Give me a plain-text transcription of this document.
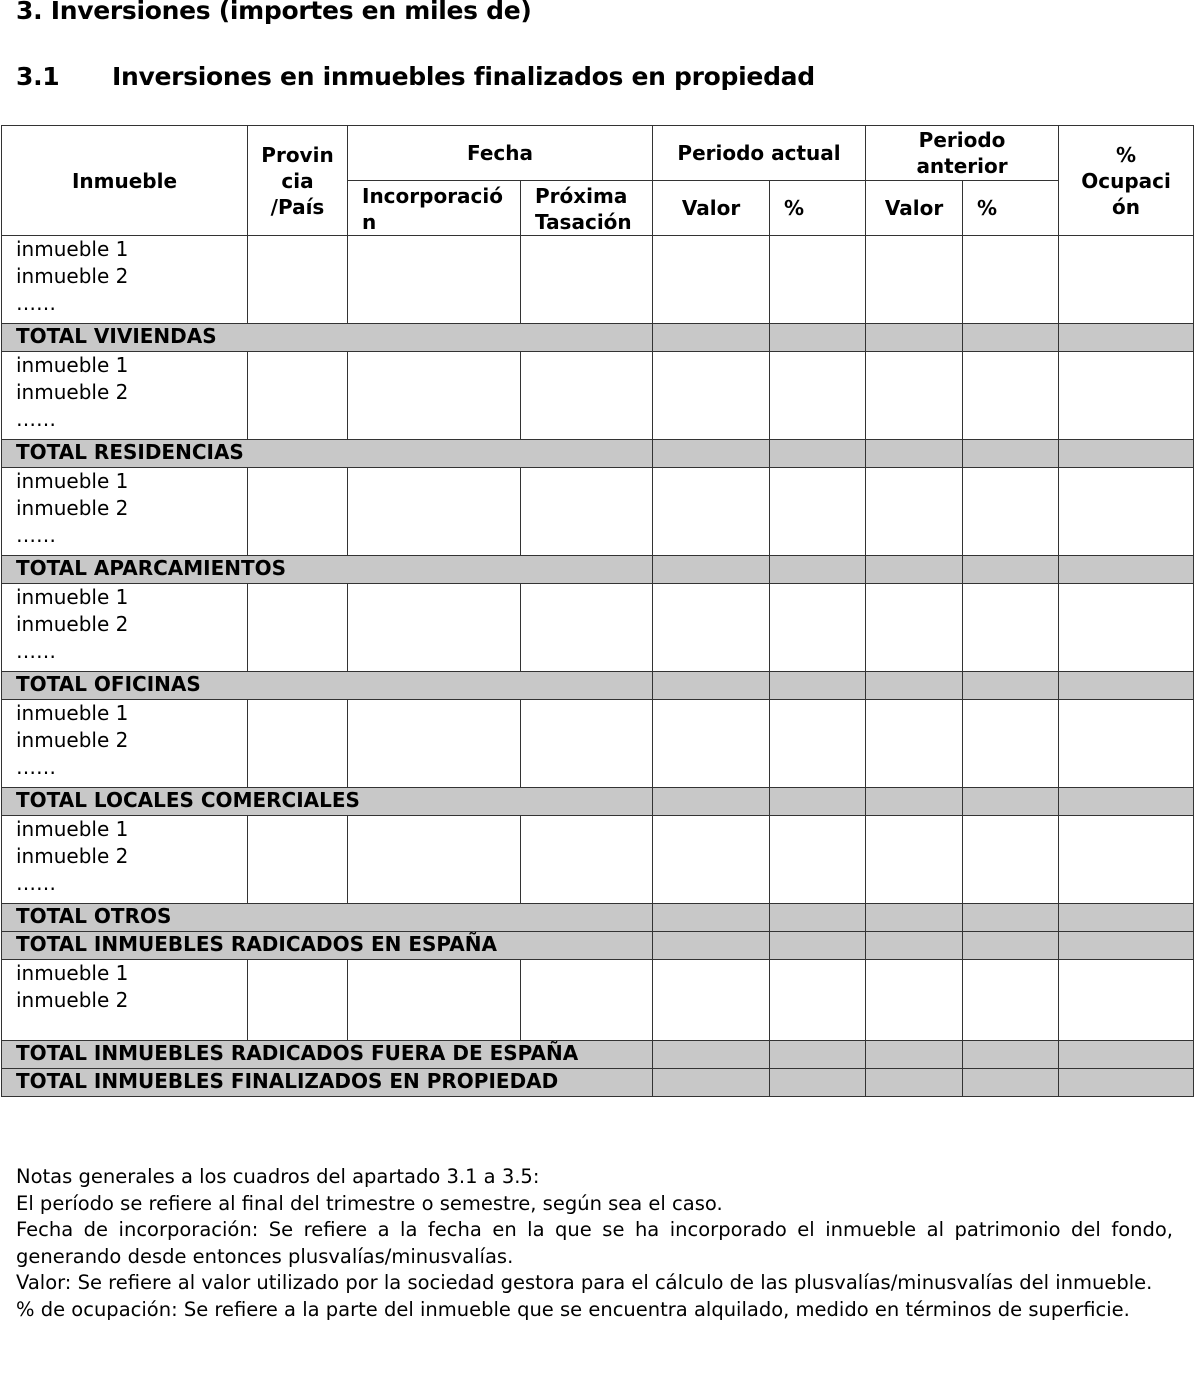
3. Inversiones (importes en miles de)
3.1 Inversiones en inmuebles finalizados en propiedad
Inmueble	Provin cia /País	Fecha		Periodo actual		Periodo anterior		% Ocupaci ón
		Incorporació n	Próxima Tasación	Valor	%	Valor	%	

inmueble 1
inmueble 2
……								

TOTAL VIVIENDAS								

inmueble 1
inmueble 2
……								

TOTAL RESIDENCIAS								

inmueble 1
inmueble 2
……								

TOTAL APARCAMIENTOS								

inmueble 1
inmueble 2
……								

TOTAL OFICINAS								

inmueble 1
inmueble 2
……								

TOTAL LOCALES COMERCIALES								

inmueble 1
inmueble 2
……								

TOTAL OTROS								
TOTAL INMUEBLES RADICADOS EN ESPAÑA								

inmueble 1
inmueble 2								

TOTAL INMUEBLES RADICADOS FUERA DE ESPAÑA								
TOTAL INMUEBLES FINALIZADOS EN PROPIEDAD								

Notas generales a los cuadros del apartado 3.1 a 3.5:

El período se refiere al final del trimestre o semestre, según sea el caso.

Fecha de incorporación: Se refiere a la fecha en la que se ha incorporado el inmueble al patrimonio del fondo, generando desde entonces plusvalías/minusvalías.

Valor: Se refiere al valor utilizado por la sociedad gestora para el cálculo de las plusvalías/minusvalías del inmueble.

% de ocupación: Se refiere a la parte del inmueble que se encuentra alquilado, medido en términos de superficie.
